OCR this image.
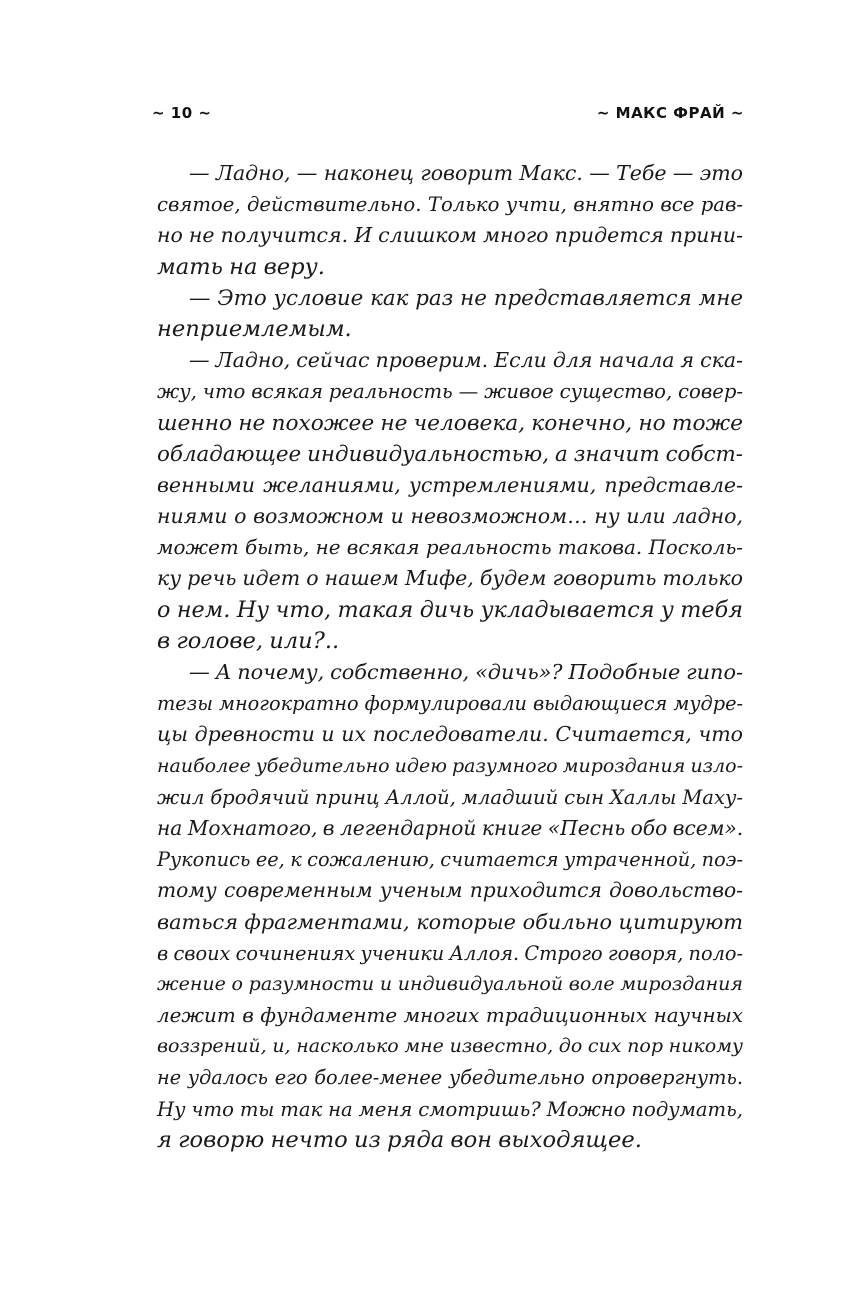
~ 10 ~	~ МАКС ФРАЙ ~
— Ладно, — наконец говорит Макс. — Тебе — это
святое, действительно. Только учти, внятно все рав-
но не получится. И слишком много придется прини-
мать на веру.
— Это условие как раз не представляется мне
неприемлемым.
— Ладно, сейчас проверим. Если для начала я ска-
жу, что всякая реальность — живое существо, совер-
шенно не похожее не человека, конечно, но тоже
обладающее индивидуальностью, а значит собст-
венными желаниями, устремлениями, представле-
ниями о возможном и невозможном… ну или ладно,
может быть, не всякая реальность такова. Посколь-
ку речь идет о нашем Мифе, будем говорить только
о нем. Ну что, такая дичь укладывается у тебя
в голове, или?..
— А почему, собственно, «дичь»? Подобные гипо-
тезы многократно формулировали выдающиеся мудре-
цы древности и их последователи. Считается, что
наиболее убедительно идею разумного мироздания изло-
жил бродячий принц Аллой, младший сын Халлы Маху-
на Мохнатого, в легендарной книге «Песнь обо всем».
Рукопись ее, к сожалению, считается утраченной, поэ-
тому современным ученым приходится довольство-
ваться фрагментами, которые обильно цитируют
в своих сочинениях ученики Аллоя. Строго говоря, поло-
жение о разумности и индивидуальной воле мироздания
лежит в фундаменте многих традиционных научных
воззрений, и, насколько мне известно, до сих пор никому
не удалось его более-менее убедительно опровергнуть.
Ну что ты так на меня смотришь? Можно подумать,
я говорю нечто из ряда вон выходящее.
